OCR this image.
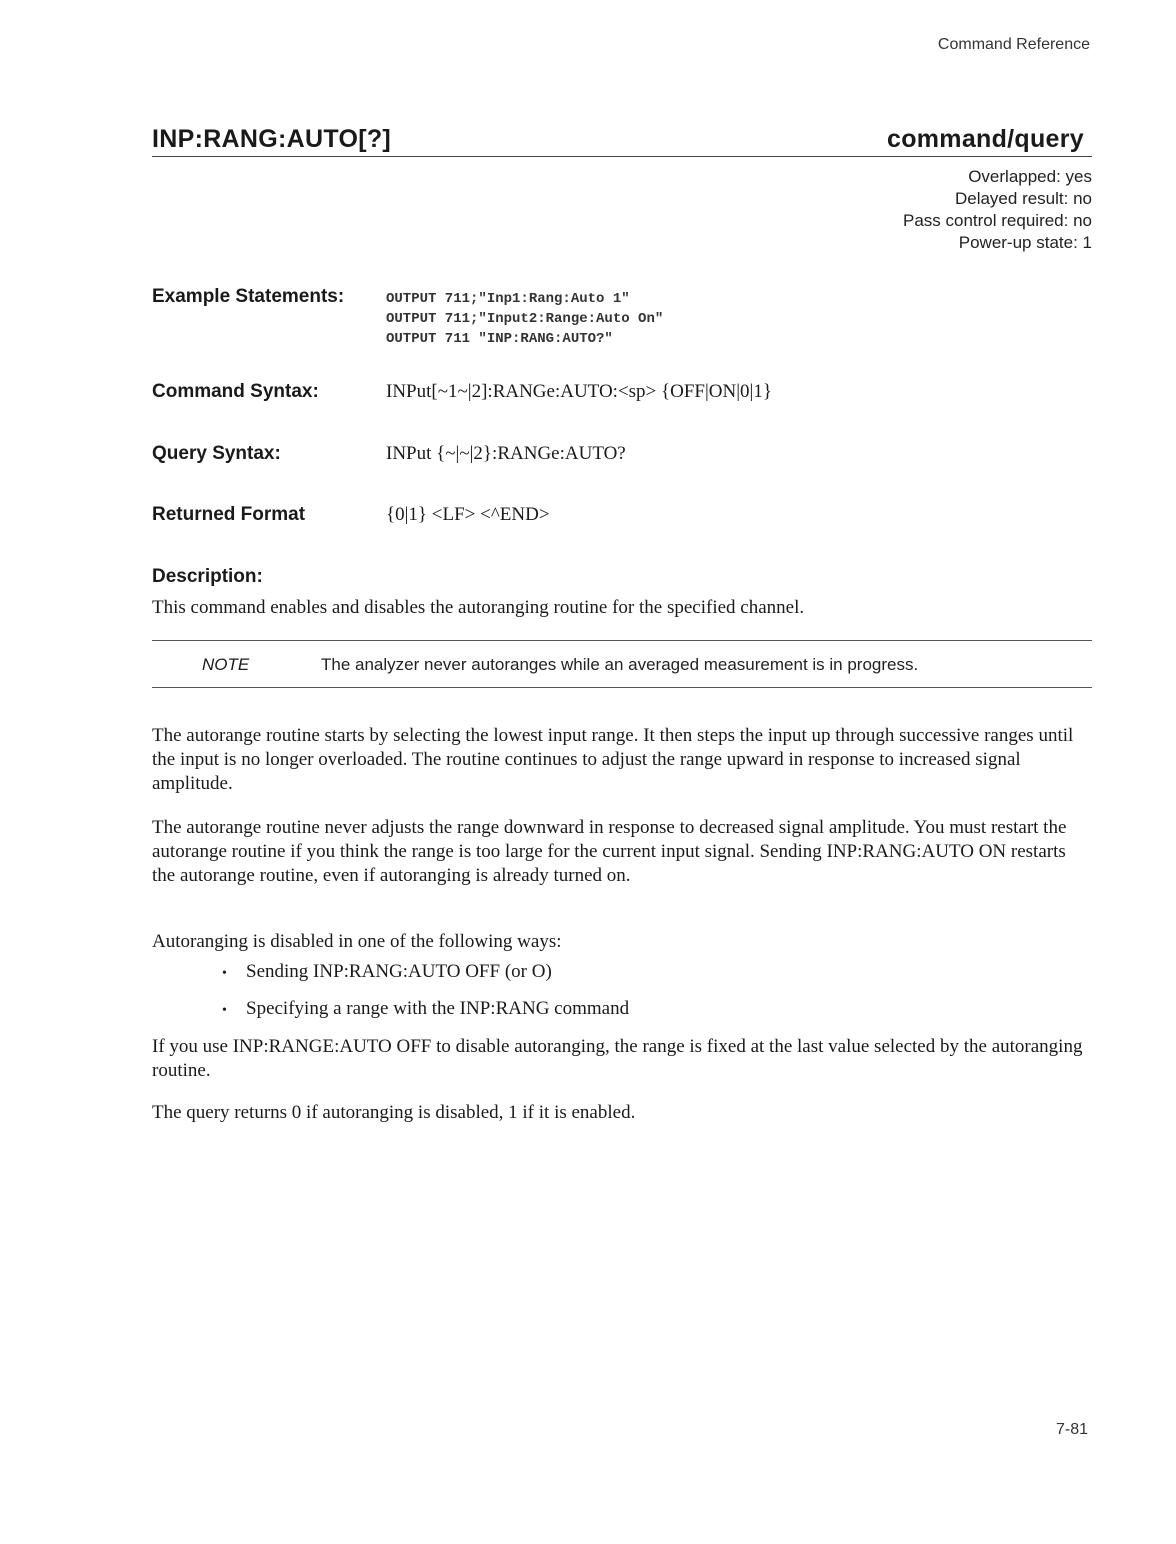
Command Reference
INP:RANG:AUTO[?]	command/query
Overlapped: yes
Delayed result: no
Pass control required: no
Power-up state: 1
Example Statements:	OUTPUT 711;"Inp1:Rang:Auto 1"
OUTPUT 711;"Input2:Range:Auto On"
OUTPUT 711 "INP:RANG:AUTO?"
Command Syntax:	INPut[~1~|2]:RANGe:AUTO:<sp> {OFF|ON|0|1}
Query Syntax:	INPut {~|~|2}:RANGe:AUTO?
Returned Format	{0|1} <LF> <^END>
Description:
This command enables and disables the autoranging routine for the specified channel.
NOTE	The analyzer never autoranges while an averaged measurement is in progress.
The autorange routine starts by selecting the lowest input range. It then steps the input up through successive ranges until the input is no longer overloaded. The routine continues to adjust the range upward in response to increased signal amplitude.
The autorange routine never adjusts the range downward in response to decreased signal amplitude. You must restart the autorange routine if you think the range is too large for the current input signal. Sending INP:RANG:AUTO ON restarts the autorange routine, even if autoranging is already turned on.
Autoranging is disabled in one of the following ways:
•	Sending INP:RANG:AUTO OFF (or O)
•	Specifying a range with the INP:RANG command
If you use INP:RANGE:AUTO OFF to disable autoranging, the range is fixed at the last value selected by the autoranging routine.
The query returns 0 if autoranging is disabled, 1 if it is enabled.
7-81
